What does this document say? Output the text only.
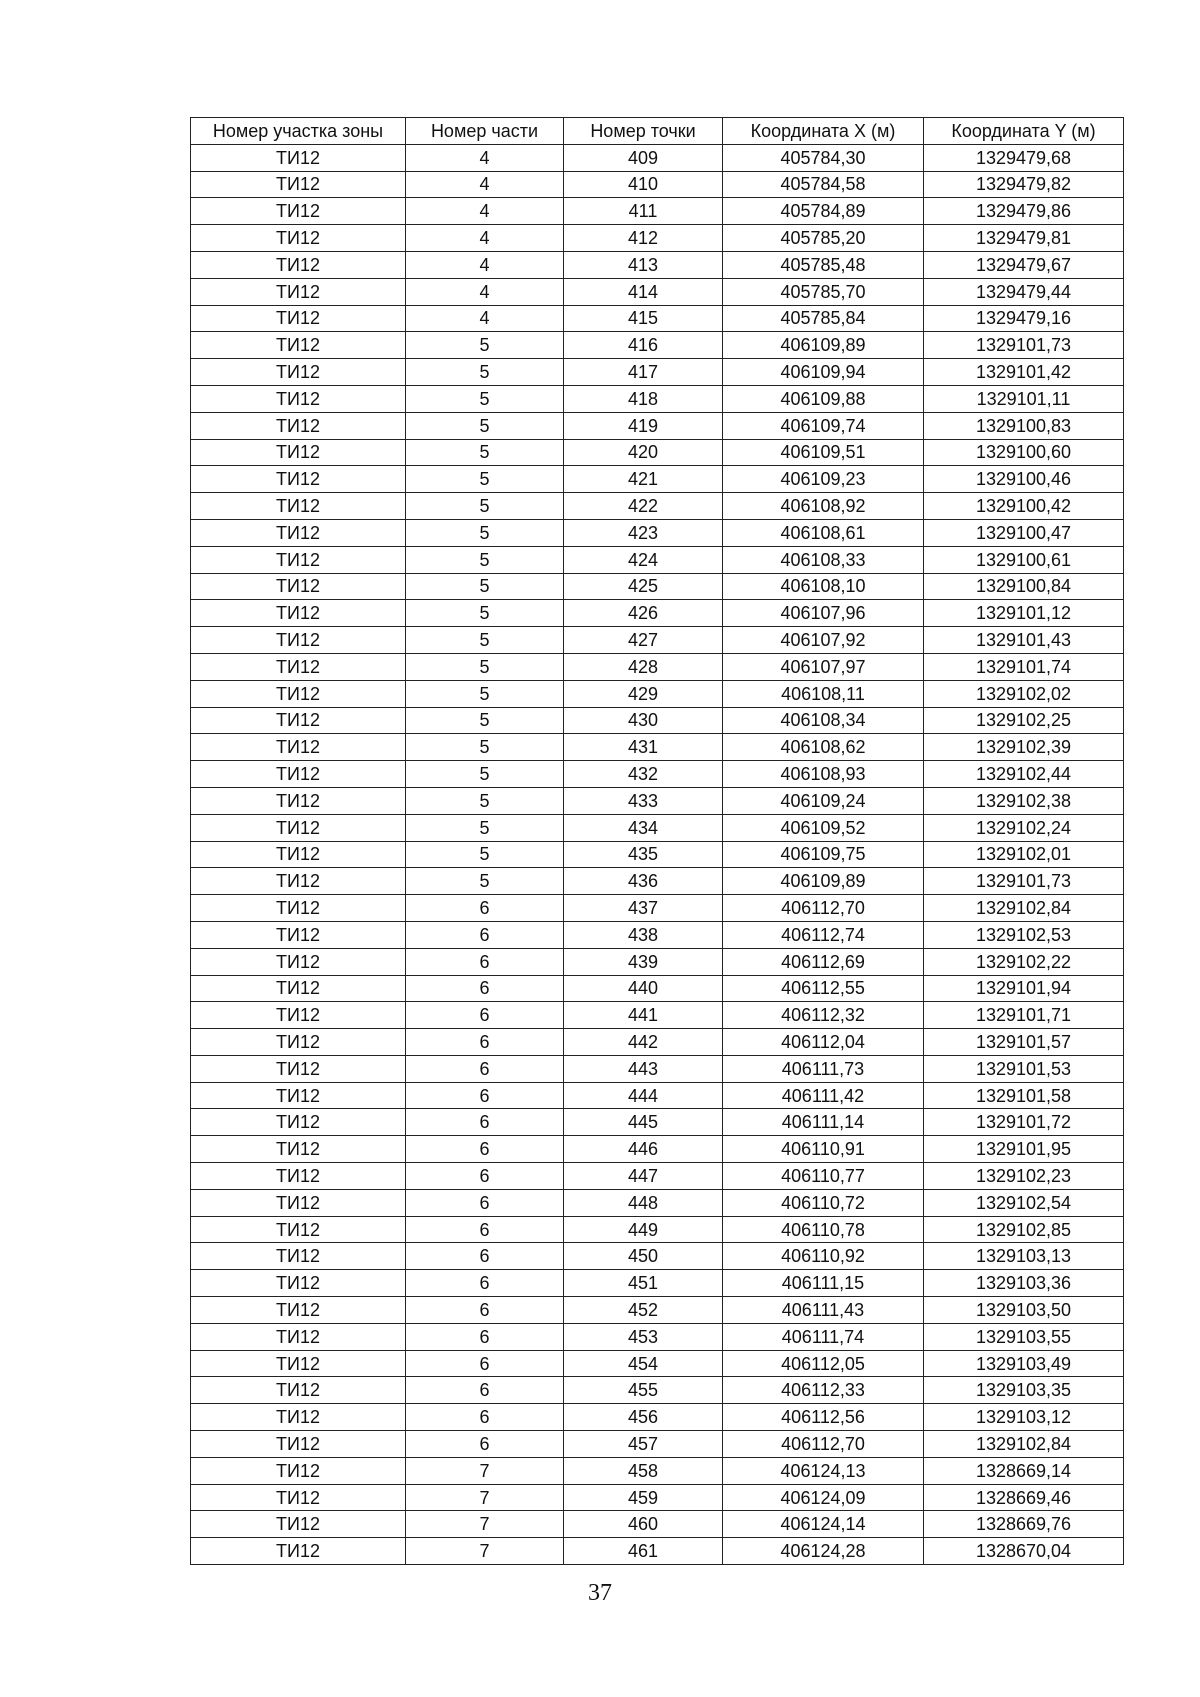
Номер участка зоны	Номер части	Номер точки	Координата X (м)	Координата Y (м)
ТИ12	4	409	405784,30	1329479,68
ТИ12	4	410	405784,58	1329479,82
ТИ12	4	411	405784,89	1329479,86
ТИ12	4	412	405785,20	1329479,81
ТИ12	4	413	405785,48	1329479,67
ТИ12	4	414	405785,70	1329479,44
ТИ12	4	415	405785,84	1329479,16
ТИ12	5	416	406109,89	1329101,73
ТИ12	5	417	406109,94	1329101,42
ТИ12	5	418	406109,88	1329101,11
ТИ12	5	419	406109,74	1329100,83
ТИ12	5	420	406109,51	1329100,60
ТИ12	5	421	406109,23	1329100,46
ТИ12	5	422	406108,92	1329100,42
ТИ12	5	423	406108,61	1329100,47
ТИ12	5	424	406108,33	1329100,61
ТИ12	5	425	406108,10	1329100,84
ТИ12	5	426	406107,96	1329101,12
ТИ12	5	427	406107,92	1329101,43
ТИ12	5	428	406107,97	1329101,74
ТИ12	5	429	406108,11	1329102,02
ТИ12	5	430	406108,34	1329102,25
ТИ12	5	431	406108,62	1329102,39
ТИ12	5	432	406108,93	1329102,44
ТИ12	5	433	406109,24	1329102,38
ТИ12	5	434	406109,52	1329102,24
ТИ12	5	435	406109,75	1329102,01
ТИ12	5	436	406109,89	1329101,73
ТИ12	6	437	406112,70	1329102,84
ТИ12	6	438	406112,74	1329102,53
ТИ12	6	439	406112,69	1329102,22
ТИ12	6	440	406112,55	1329101,94
ТИ12	6	441	406112,32	1329101,71
ТИ12	6	442	406112,04	1329101,57
ТИ12	6	443	406111,73	1329101,53
ТИ12	6	444	406111,42	1329101,58
ТИ12	6	445	406111,14	1329101,72
ТИ12	6	446	406110,91	1329101,95
ТИ12	6	447	406110,77	1329102,23
ТИ12	6	448	406110,72	1329102,54
ТИ12	6	449	406110,78	1329102,85
ТИ12	6	450	406110,92	1329103,13
ТИ12	6	451	406111,15	1329103,36
ТИ12	6	452	406111,43	1329103,50
ТИ12	6	453	406111,74	1329103,55
ТИ12	6	454	406112,05	1329103,49
ТИ12	6	455	406112,33	1329103,35
ТИ12	6	456	406112,56	1329103,12
ТИ12	6	457	406112,70	1329102,84
ТИ12	7	458	406124,13	1328669,14
ТИ12	7	459	406124,09	1328669,46
ТИ12	7	460	406124,14	1328669,76
ТИ12	7	461	406124,28	1328670,04
37
